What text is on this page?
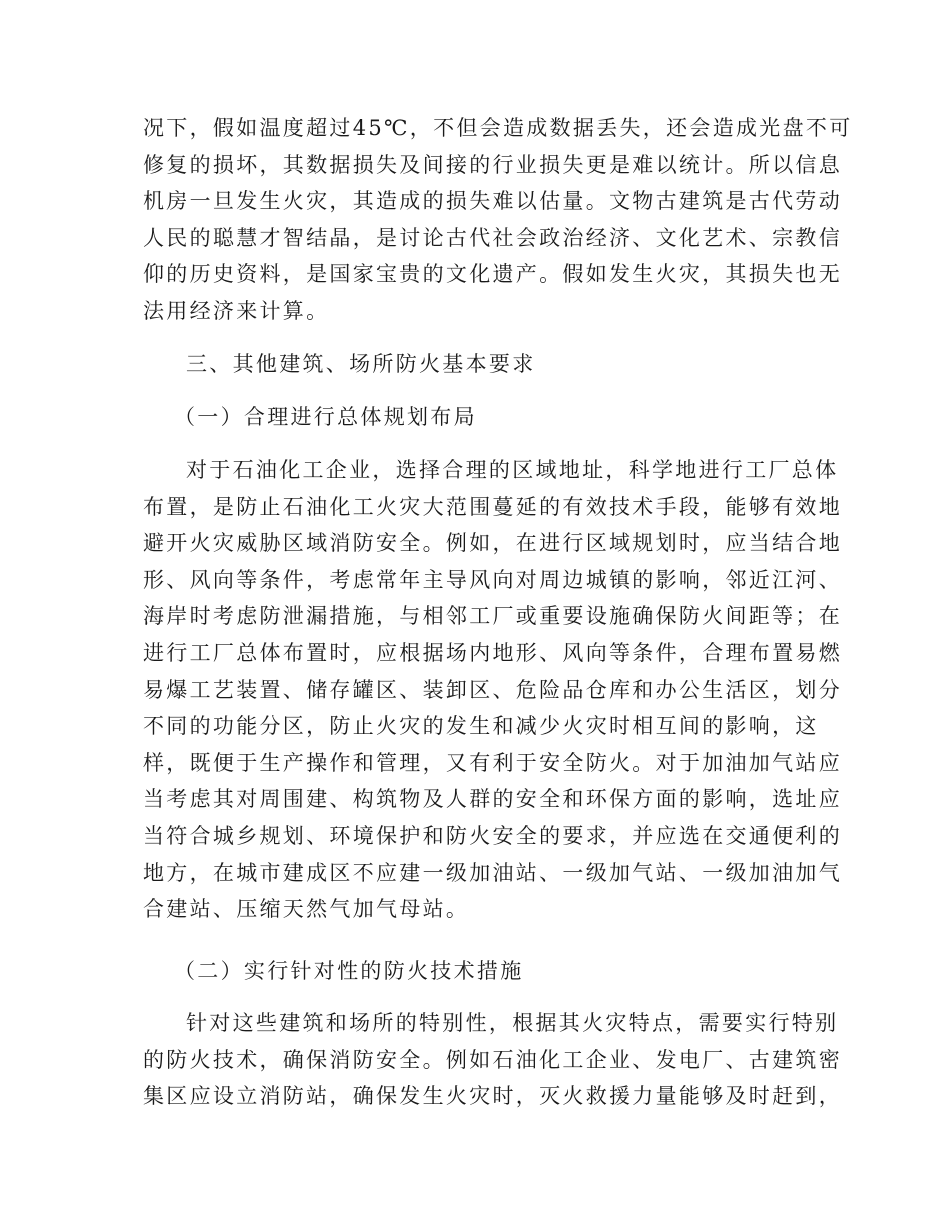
况下，假如温度超过45℃，不但会造成数据丢失，还会造成光盘不可
修复的损坏，其数据损失及间接的行业损失更是难以统计。所以信息
机房一旦发生火灾，其造成的损失难以估量。文物古建筑是古代劳动
人民的聪慧才智结晶，是讨论古代社会政治经济、文化艺术、宗教信
仰的历史资料，是国家宝贵的文化遗产。假如发生火灾，其损失也无
法用经济来计算。
三、其他建筑、场所防火基本要求
（一）合理进行总体规划布局
对于石油化工企业，选择合理的区域地址，科学地进行工厂总体
布置，是防止石油化工火灾大范围蔓延的有效技术手段，能够有效地
避开火灾威胁区域消防安全。例如，在进行区域规划时，应当结合地
形、风向等条件，考虑常年主导风向对周边城镇的影响，邻近江河、
海岸时考虑防泄漏措施，与相邻工厂或重要设施确保防火间距等；在
进行工厂总体布置时，应根据场内地形、风向等条件，合理布置易燃
易爆工艺装置、储存罐区、装卸区、危险品仓库和办公生活区，划分
不同的功能分区，防止火灾的发生和减少火灾时相互间的影响，这
样，既便于生产操作和管理，又有利于安全防火。对于加油加气站应
当考虑其对周围建、构筑物及人群的安全和环保方面的影响，选址应
当符合城乡规划、环境保护和防火安全的要求，并应选在交通便利的
地方，在城市建成区不应建一级加油站、一级加气站、一级加油加气
合建站、压缩天然气加气母站。
（二）实行针对性的防火技术措施
针对这些建筑和场所的特别性，根据其火灾特点，需要实行特别
的防火技术，确保消防安全。例如石油化工企业、发电厂、古建筑密
集区应设立消防站，确保发生火灾时，灭火救援力量能够及时赶到，
